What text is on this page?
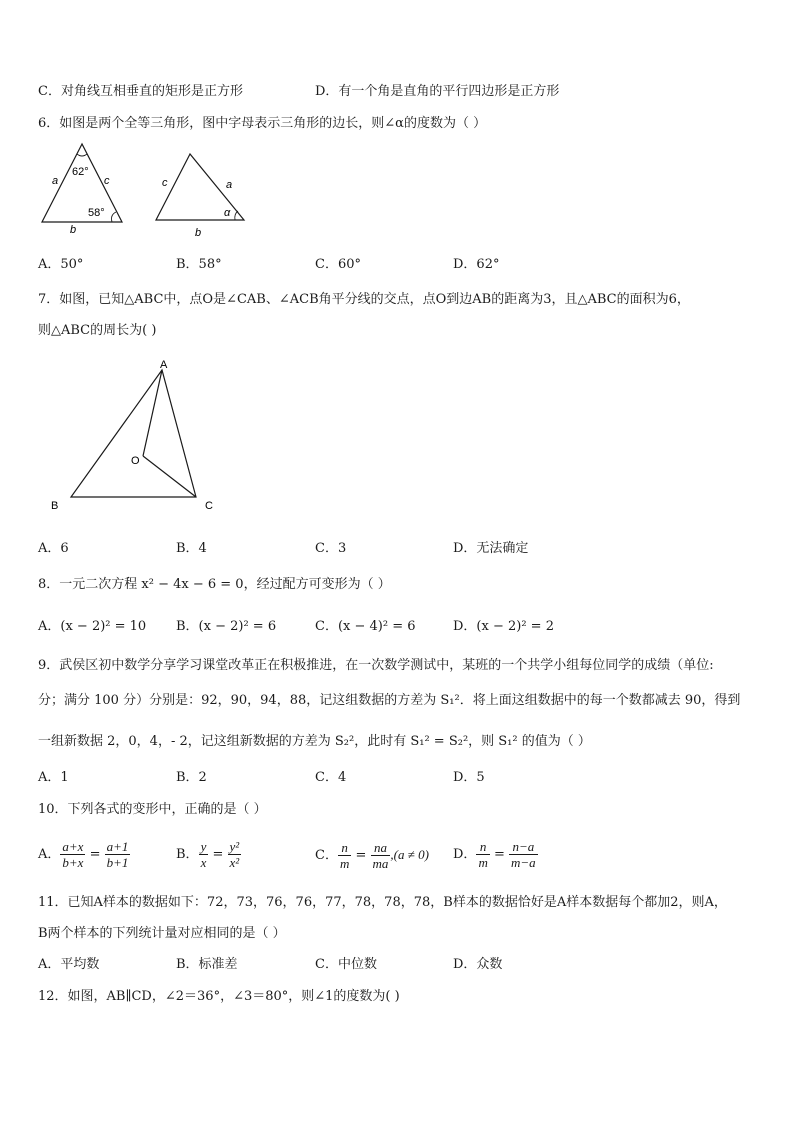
C．对角线互相垂直的矩形是正方形	D．有一个角是直角的平行四边形是正方形
6．如图是两个全等三角形，图中字母表示三角形的边长，则∠α的度数为（ ）
62°
58°
a	c
b
c	a
b
α
A．50°	B．58°	C．60°	D．62°
7．如图，已知△ABC中，点O是∠CAB、∠ACB角平分线的交点，点O到边AB的距离为3，且△ABC的面积为6，
则△ABC的周长为( )
A
B	C
O
A．6	B．4	C．3	D．无法确定
8．一元二次方程 x² − 4x − 6 = 0，经过配方可变形为（ ）
A．(x − 2)² = 10 B．(x − 2)² = 6	C．(x − 4)² = 6	D．(x − 2)² = 2
9．武侯区初中数学分享学习课堂改革正在积极推进，在一次数学测试中，某班的一个共学小组每位同学的成绩（单位:
分；满分 100 分）分别是：92，90，94，88，记这组数据的方差为 S₁²．将上面这组数据中的每一个数都减去 90，得到
一组新数据 2，0，4，- 2，记这组新数据的方差为 S₂²，此时有 S₁² = S₂²，则 S₁² 的值为（ ）
A．1	B．2	C．4	D．5
10．下列各式的变形中，正确的是（ ）
A． $\frac{a+x}{b+x} = \frac{a+1}{b+1}$	B． $\frac{y}{x} = \frac{\text{y²}}{\text{x²}}$	C． $\frac{n}{m} = \frac{na}{ma} ,(a \ne 0)$ D． $\frac{n}{m} = \frac{n-a}{m-a}$
11．已知A样本的数据如下：72，73，76，76，77，78，78，78，B样本的数据恰好是A样本数据每个都加2，则A，
B两个样本的下列统计量对应相同的是（ ）
A．平均数	B．标准差	C．中位数	D．众数
12．如图，AB∥CD，∠2＝36°，∠3＝80°，则∠1的度数为( )
